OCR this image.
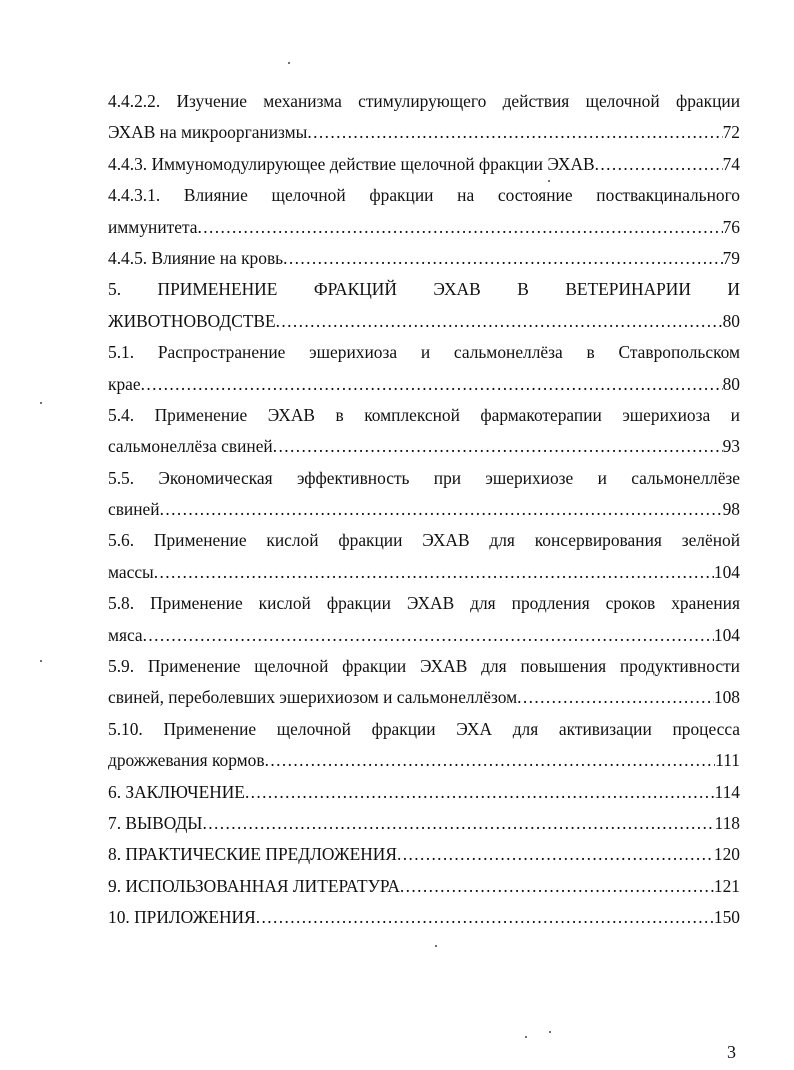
4.4.2.2. Изучение механизма стимулирующего действия щелочной фракции
ЭХАВ на микроорганизмы .....	72
4.4.3. Иммуномодулирующее действие щелочной фракции ЭХАВ .....	74
4.4.3.1. Влияние щелочной фракции на состояние поствакцинального
иммунитета .....	76
4.4.5. Влияние на кровь .....	79
5. ПРИМЕНЕНИЕ ФРАКЦИЙ ЭХАВ В ВЕТЕРИНАРИИ И
ЖИВОТНОВОДСТВЕ .....	80
5.1. Распространение эшерихиоза и сальмонеллёза в Ставропольском
крае .....	80
5.4. Применение ЭХАВ в комплексной фармакотерапии эшерихиоза и
сальмонеллёза свиней .....	93
5.5. Экономическая эффективность при эшерихиозе и сальмонеллёзе
свиней .....	98
5.6. Применение кислой фракции ЭХАВ для консервирования зелёной
массы .....	104
5.8. Применение кислой фракции ЭХАВ для продления сроков хранения
мяса .....	104
5.9. Применение щелочной фракции ЭХАВ для повышения продуктивности
свиней, переболевших эшерихиозом и сальмонеллёзом .....	108
5.10. Применение щелочной фракции ЭХА для активизации процесса
дрожжевания кормов .....	111
6. ЗАКЛЮЧЕНИЕ .....	114
7. ВЫВОДЫ .....	118
8. ПРАКТИЧЕСКИЕ ПРЕДЛОЖЕНИЯ .....	120
9. ИСПОЛЬЗОВАННАЯ ЛИТЕРАТУРА .....	121
10. ПРИЛОЖЕНИЯ .....	150
3
